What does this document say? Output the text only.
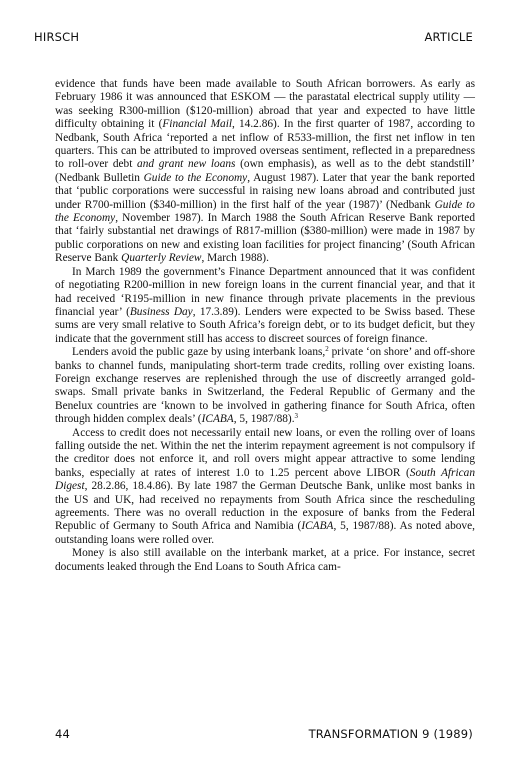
HIRSCH	ARTICLE

evidence that funds have been made available to South African borrowers. As early as February 1986 it was announced that ESKOM — the parastatal electrical supply utility — was seeking R300-million ($120-million) abroad that year and expected to have little difficulty obtaining it (Financial Mail, 14.2.86). In the first quarter of 1987, according to Nedbank, South Africa ‘reported a net inflow of R533-million, the first net inflow in ten quarters. This can be attributed to improved overseas sentiment, reflected in a preparedness to roll-over debt and grant new loans (own emphasis), as well as to the debt standstill’ (Nedbank Bulletin Guide to the Economy, August 1987). Later that year the bank reported that ‘public corporations were successful in raising new loans abroad and contributed just under R700-million ($340-million) in the first half of the year (1987)’ (Nedbank Guide to the Economy, November 1987). In March 1988 the South African Reserve Bank reported that ‘fairly substantial net drawings of R817-million ($380-million) were made in 1987 by public corporations on new and existing loan facilities for project financing’ (South African Reserve Bank Quarterly Review, March 1988).

In March 1989 the government’s Finance Department announced that it was confident of negotiating R200-million in new foreign loans in the current financial year, and that it had received ‘R195-million in new finance through private placements in the previous financial year’ (Business Day, 17.3.89). Lenders were expected to be Swiss based. These sums are very small relative to South Africa’s foreign debt, or to its budget deficit, but they indicate that the government still has access to discreet sources of foreign finance.

Lenders avoid the public gaze by using interbank loans,$^2$ private ‘on shore’ and off-shore banks to channel funds, manipulating short-term trade credits, rolling over existing loans. Foreign exchange reserves are replenished through the use of discreetly arranged gold-swaps. Small private banks in Switzerland, the Federal Republic of Germany and the Benelux countries are ‘known to be involved in gathering finance for South Africa, often through hidden complex deals’ (ICABA, 5, 1987/88).$^3$

Access to credit does not necessarily entail new loans, or even the rolling over of loans falling outside the net. Within the net the interim repayment agreement is not compulsory if the creditor does not enforce it, and roll overs might appear attractive to some lending banks, especially at rates of interest 1.0 to 1.25 percent above LIBOR (South African Digest, 28.2.86, 18.4.86). By late 1987 the German Deutsche Bank, unlike most banks in the US and UK, had received no repayments from South Africa since the rescheduling agreements. There was no overall reduction in the exposure of banks from the Federal Republic of Germany to South Africa and Namibia (ICABA, 5, 1987/88). As noted above, outstanding loans were rolled over.

Money is also still available on the interbank market, at a price. For instance, secret documents leaked through the End Loans to South Africa cam-

44	TRANSFORMATION 9 (1989)
